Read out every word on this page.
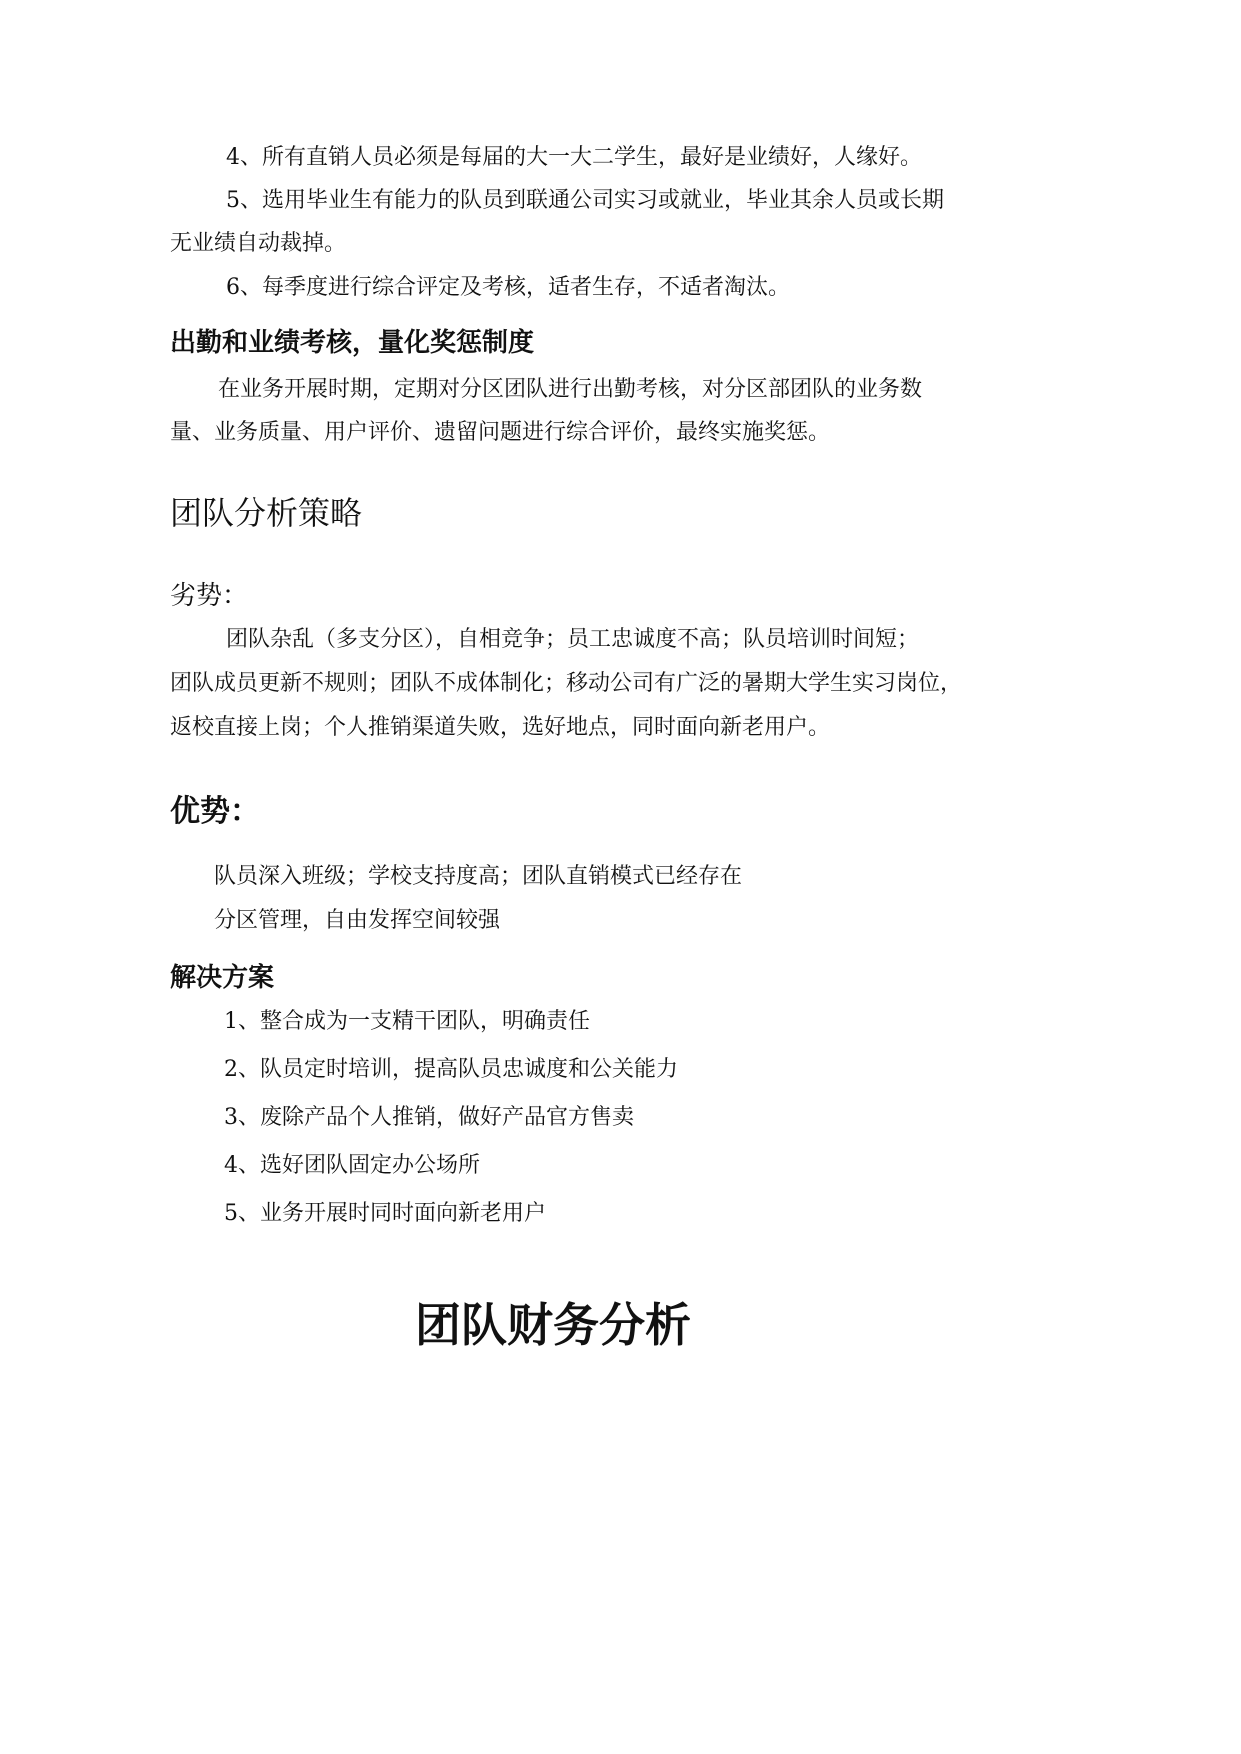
4、所有直销人员必须是每届的大一大二学生，最好是业绩好，人缘好。

5、选用毕业生有能力的队员到联通公司实习或就业，毕业其余人员或长期

无业绩自动裁掉。

6、每季度进行综合评定及考核，适者生存，不适者淘汰。

出勤和业绩考核，量化奖惩制度

在业务开展时期，定期对分区团队进行出勤考核，对分区部团队的业务数

量、业务质量、用户评价、遗留问题进行综合评价，最终实施奖惩。

团队分析策略
劣势：

团队杂乱（多支分区），自相竞争；员工忠诚度不高；队员培训时间短；

团队成员更新不规则；团队不成体制化；移动公司有广泛的暑期大学生实习岗位，

返校直接上岗；个人推销渠道失败，选好地点，同时面向新老用户。

优势：

队员深入班级；学校支持度高；团队直销模式已经存在

分区管理，自由发挥空间较强

解决方案
1、整合成为一支精干团队，明确责任
2、队员定时培训，提高队员忠诚度和公关能力
3、废除产品个人推销，做好产品官方售卖
4、选好团队固定办公场所
5、业务开展时同时面向新老用户
团队财务分析
